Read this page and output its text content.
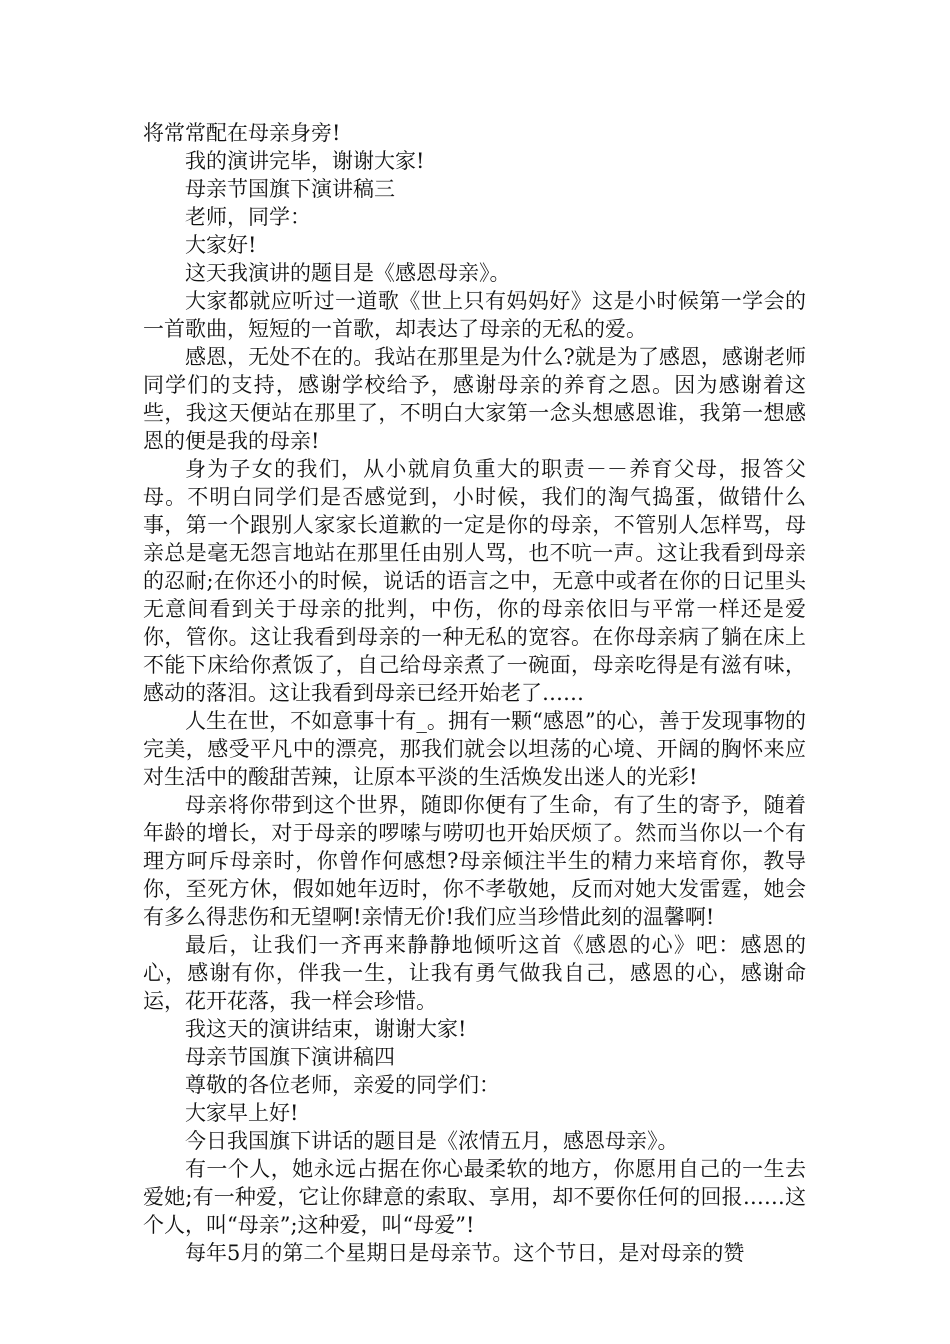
将常常配在母亲身旁!

我的演讲完毕，谢谢大家!

母亲节国旗下演讲稿三

老师，同学：

大家好!

这天我演讲的题目是《感恩母亲》。

大家都就应听过一道歌《世上只有妈妈好》这是小时候第一学会的一首歌曲，短短的一首歌，却表达了母亲的无私的爱。

感恩，无处不在的。我站在那里是为什么?就是为了感恩，感谢老师同学们的支持，感谢学校给予，感谢母亲的养育之恩。因为感谢着这些，我这天便站在那里了，不明白大家第一念头想感恩谁，我第一想感恩的便是我的母亲!

身为子女的我们，从小就肩负重大的职责－－养育父母，报答父母。不明白同学们是否感觉到，小时候，我们的淘气捣蛋，做错什么事，第一个跟别人家家长道歉的一定是你的母亲，不管别人怎样骂，母亲总是毫无怨言地站在那里任由别人骂，也不吭一声。这让我看到母亲的忍耐;在你还小的时候，说话的语言之中，无意中或者在你的日记里头无意间看到关于母亲的批判，中伤，你的母亲依旧与平常一样还是爱你，管你。这让我看到母亲的一种无私的宽容。在你母亲病了躺在床上不能下床给你煮饭了，自己给母亲煮了一碗面，母亲吃得是有滋有味，感动的落泪。这让我看到母亲已经开始老了……

人生在世，不如意事十有_。拥有一颗“感恩”的心，善于发现事物的完美，感受平凡中的漂亮，那我们就会以坦荡的心境、开阔的胸怀来应对生活中的酸甜苦辣，让原本平淡的生活焕发出迷人的光彩!

母亲将你带到这个世界，随即你便有了生命，有了生的寄予，随着年龄的增长，对于母亲的啰嗦与唠叨也开始厌烦了。然而当你以一个有理方呵斥母亲时，你曾作何感想?母亲倾注半生的精力来培育你，教导你，至死方休，假如她年迈时，你不孝敬她，反而对她大发雷霆，她会有多么得悲伤和无望啊!亲情无价!我们应当珍惜此刻的温馨啊!

最后，让我们一齐再来静静地倾听这首《感恩的心》吧：感恩的心，感谢有你，伴我一生，让我有勇气做我自己，感恩的心，感谢命运，花开花落，我一样会珍惜。

我这天的演讲结束，谢谢大家!

母亲节国旗下演讲稿四

尊敬的各位老师，亲爱的同学们：

大家早上好!

今日我国旗下讲话的题目是《浓情五月，感恩母亲》。

有一个人，她永远占据在你心最柔软的地方，你愿用自己的一生去爱她;有一种爱，它让你肆意的索取、享用，却不要你任何的回报……这个人，叫“母亲”;这种爱，叫“母爱”!

每年5月的第二个星期日是母亲节。这个节日，是对母亲的赞
